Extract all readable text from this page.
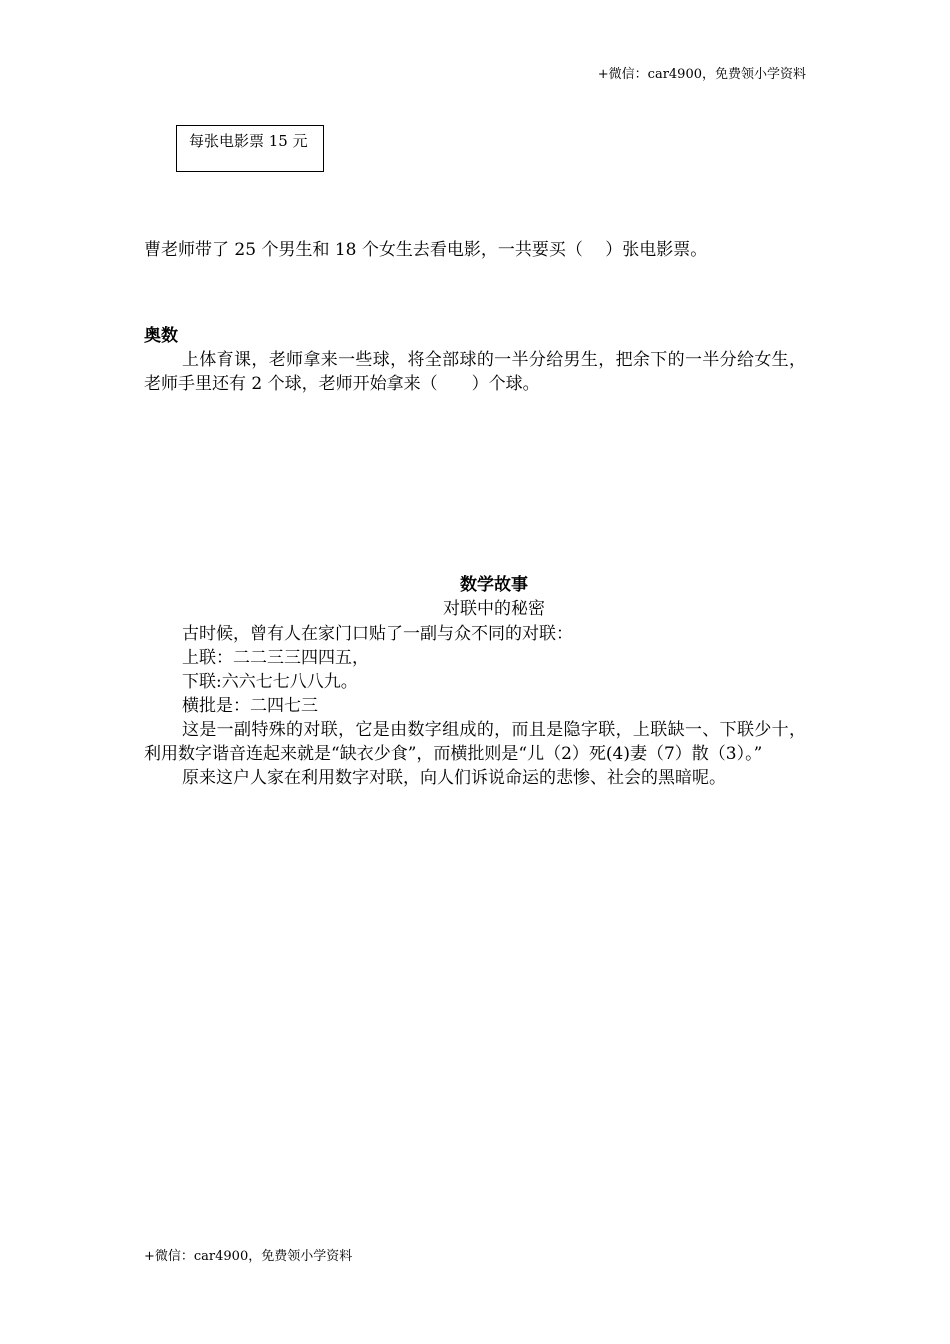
+微信：car4900，免费领小学资料
每张电影票 15 元
曹老师带了 25 个男生和 18 个女生去看电影，一共要买（　 ）张电影票。
奥数
上体育课，老师拿来一些球，将全部球的一半分给男生，把余下的一半分给女生，老师手里还有 2 个球，老师开始拿来（　　）个球。
数学故事
对联中的秘密

古时候，曾有人在家门口贴了一副与众不同的对联：

上联：二二三三四四五，

下联:六六七七八八九。

横批是：二四七三

这是一副特殊的对联，它是由数字组成的，而且是隐字联，上联缺一、下联少十，利用数字谐音连起来就是“缺衣少食”，而横批则是“儿（2）死(4)妻（7）散（3）。”

原来这户人家在利用数字对联，向人们诉说命运的悲惨、社会的黑暗呢。

+微信：car4900，免费领小学资料
